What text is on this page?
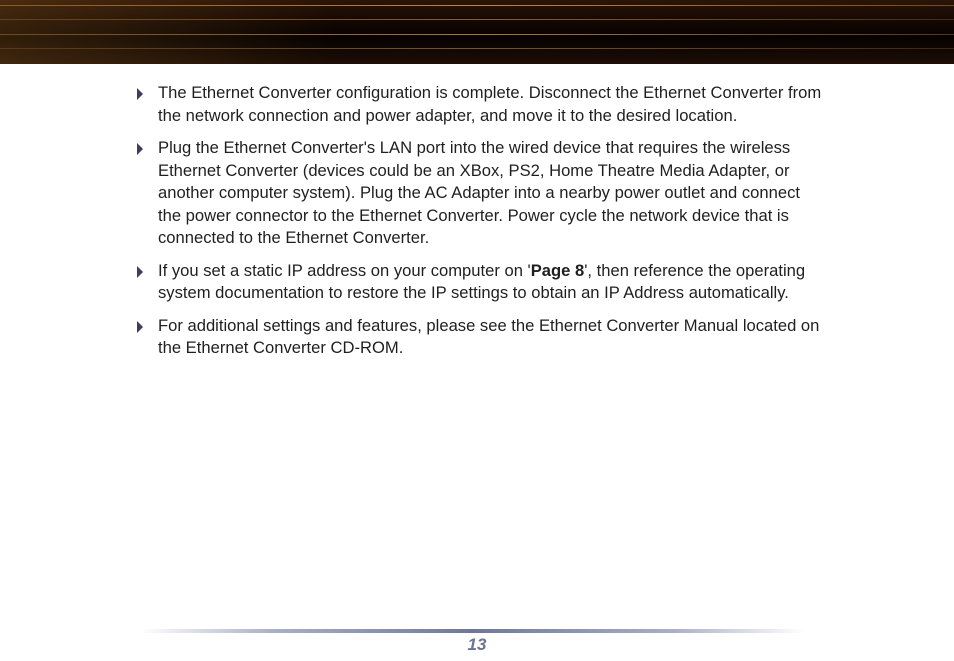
The Ethernet Converter configuration is complete. Disconnect the Ethernet Converter from the network connection and power adapter, and move it to the desired location.
Plug the Ethernet Converter's LAN port into the wired device that requires the wireless Ethernet Converter (devices could be an XBox, PS2, Home Theatre Media Adapter, or another computer system). Plug the AC Adapter into a nearby power outlet and connect the power connector to the Ethernet Converter. Power cycle the network device that is connected to the Ethernet Converter.
If you set a static IP address on your computer on 'Page 8', then reference the operating system documentation to restore the IP settings to obtain an IP Address automatically.
For additional settings and features, please see the Ethernet Converter Manual located on the Ethernet Converter CD-ROM.
13
